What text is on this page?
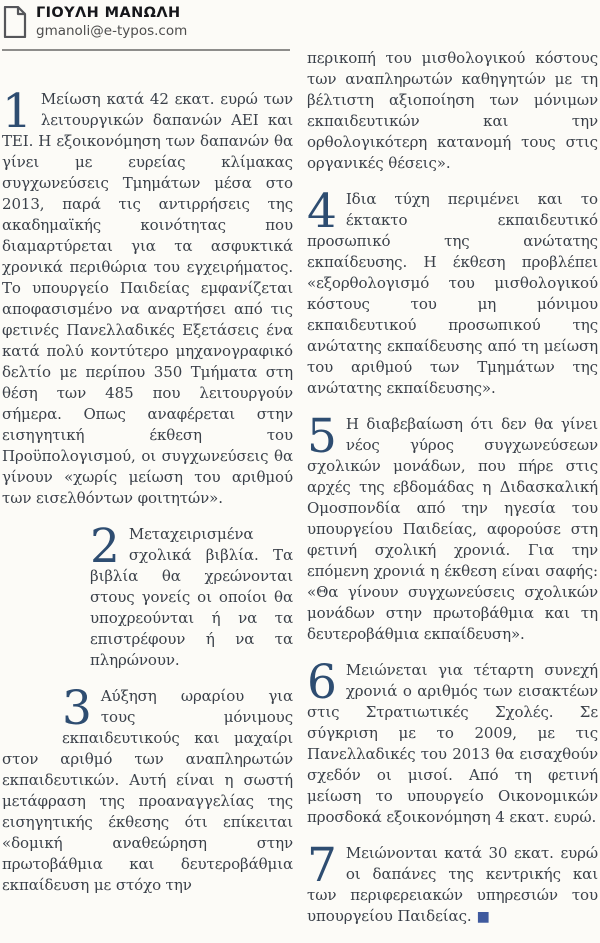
ΓΙΟΥΛΗ ΜΑΝΩΛΗ
gmanoli@e-typos.com

1 Μείωση κατά 42 εκατ. ευρώ των λειτουργικών δαπανών ΑΕΙ και ΤΕΙ. Η εξοικονόμηση των δαπανών θα γίνει με ευρείας κλίμακας συγχωνεύσεις Τμημάτων μέσα στο 2013, παρά τις αντιρρήσεις της ακαδημαϊκής κοινότητας που διαμαρτύρεται για τα ασφυκτικά χρονικά περιθώρια του εγχειρήματος. Το υπουργείο Παιδείας εμφανίζεται αποφασισμένο να αναρτήσει από τις φετινές Πανελλαδικές Εξετάσεις ένα κατά πολύ κοντύτερο μηχανογραφικό δελτίο με περίπου 350 Τμήματα στη θέση των 485 που λειτουργούν σήμερα. Οπως αναφέρεται στην εισηγητική έκθεση του Προϋπολογισμού, οι συγχωνεύσεις θα γίνουν «χωρίς μείωση του αριθμού των εισελθόντων φοιτητών».

2 Μεταχειρισμένα σχολικά βιβλία. Τα βιβλία θα χρεώνονται στους γονείς οι οποίοι θα υποχρεούνται ή να τα επιστρέφουν ή να τα πληρώνουν.

3 Αύξηση ωραρίου για τους μόνιμους εκπαιδευτικούς και μαχαίρι στον αριθμό των αναπληρωτών εκπαιδευτικών. Αυτή είναι η σωστή μετάφραση της προαναγγελίας της εισηγητικής έκθεσης ότι επίκειται «δομική αναθεώρηση στην πρωτοβάθμια και δευτεροβάθμια εκπαίδευση με στόχο την

περικοπή του μισθολογικού κόστους των αναπληρωτών καθηγητών με τη βέλτιστη αξιοποίηση των μόνιμων εκπαιδευτικών και την ορθολογικότερη κατανομή τους στις οργανικές θέσεις».

4 Ιδια τύχη περιμένει και το έκτακτο εκπαιδευτικό προσωπικό της ανώτατης εκπαίδευσης. Η έκθεση προβλέπει «εξορθολογισμό του μισθολογικού κόστους του μη μόνιμου εκπαιδευτικού προσωπικού της ανώτατης εκπαίδευσης από τη μείωση του αριθμού των Τμημάτων της ανώτατης εκπαίδευσης».

5 Η διαβεβαίωση ότι δεν θα γίνει νέος γύρος συγχωνεύσεων σχολικών μονάδων, που πήρε στις αρχές της εβδομάδας η Διδασκαλική Ομοσπονδία από την ηγεσία του υπουργείου Παιδείας, αφορούσε στη φετινή σχολική χρονιά. Για την επόμενη χρονιά η έκθεση είναι σαφής: «Θα γίνουν συγχωνεύσεις σχολικών μονάδων στην πρωτοβάθμια και τη δευτεροβάθμια εκπαίδευση».

6 Μειώνεται για τέταρτη συνεχή χρονιά ο αριθμός των εισακτέων στις Στρατιωτικές Σχολές. Σε σύγκριση με το 2009, με τις Πανελλαδικές του 2013 θα εισαχθούν σχεδόν οι μισοί. Από τη φετινή μείωση το υπουργείο Οικονομικών προσδοκά εξοικονόμηση 4 εκατ. ευρώ.

7 Μειώνονται κατά 30 εκατ. ευρώ οι δαπάνες της κεντρικής και των περιφερειακών υπηρεσιών του υπουργείου Παιδείας. ■
